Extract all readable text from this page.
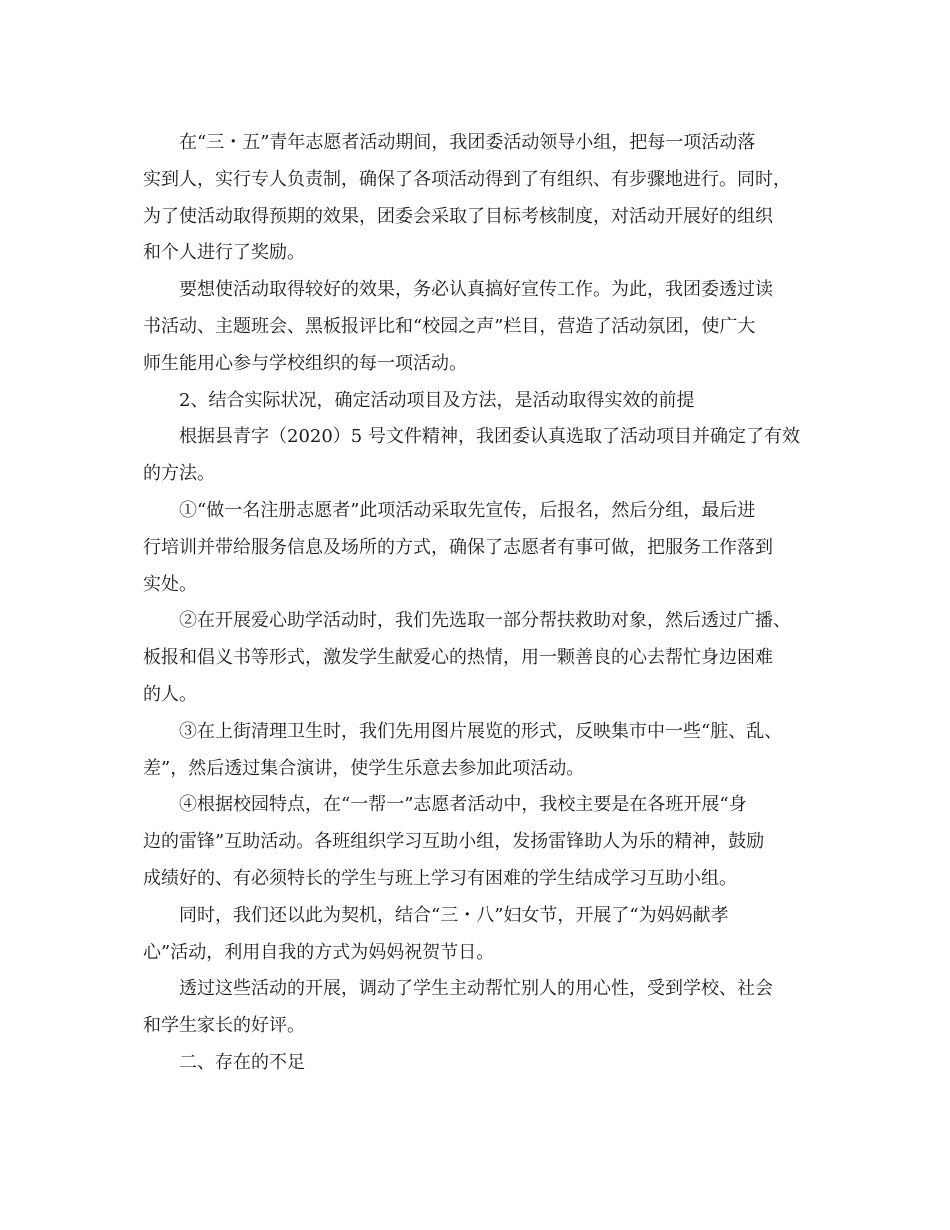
在“三・五”青年志愿者活动期间，我团委活动领导小组，把每一项活动落
实到人，实行专人负责制，确保了各项活动得到了有组织、有步骤地进行。同时，
为了使活动取得预期的效果，团委会采取了目标考核制度，对活动开展好的组织
和个人进行了奖励。

要想使活动取得较好的效果，务必认真搞好宣传工作。为此，我团委透过读
书活动、主题班会、黑板报评比和“校园之声”栏目，营造了活动氛团，使广大
师生能用心参与学校组织的每一项活动。

2、结合实际状况，确定活动项目及方法，是活动取得实效的前提

根据县青字（2020）5 号文件精神，我团委认真选取了活动项目并确定了有效
的方法。

①“做一名注册志愿者”此项活动采取先宣传，后报名，然后分组，最后进
行培训并带给服务信息及场所的方式，确保了志愿者有事可做，把服务工作落到
实处。

②在开展爱心助学活动时，我们先选取一部分帮扶救助对象，然后透过广播、
板报和倡义书等形式，激发学生献爱心的热情，用一颗善良的心去帮忙身边困难
的人。

③在上街清理卫生时，我们先用图片展览的形式，反映集市中一些“脏、乱、
差”，然后透过集合演讲，使学生乐意去参加此项活动。

④根据校园特点，在“一帮一”志愿者活动中，我校主要是在各班开展“身
边的雷锋”互助活动。各班组织学习互助小组，发扬雷锋助人为乐的精神，鼓励
成绩好的、有必须特长的学生与班上学习有困难的学生结成学习互助小组。

同时，我们还以此为契机，结合“三・八”妇女节，开展了“为妈妈献孝
心”活动，利用自我的方式为妈妈祝贺节日。

透过这些活动的开展，调动了学生主动帮忙别人的用心性，受到学校、社会
和学生家长的好评。

二、存在的不足
